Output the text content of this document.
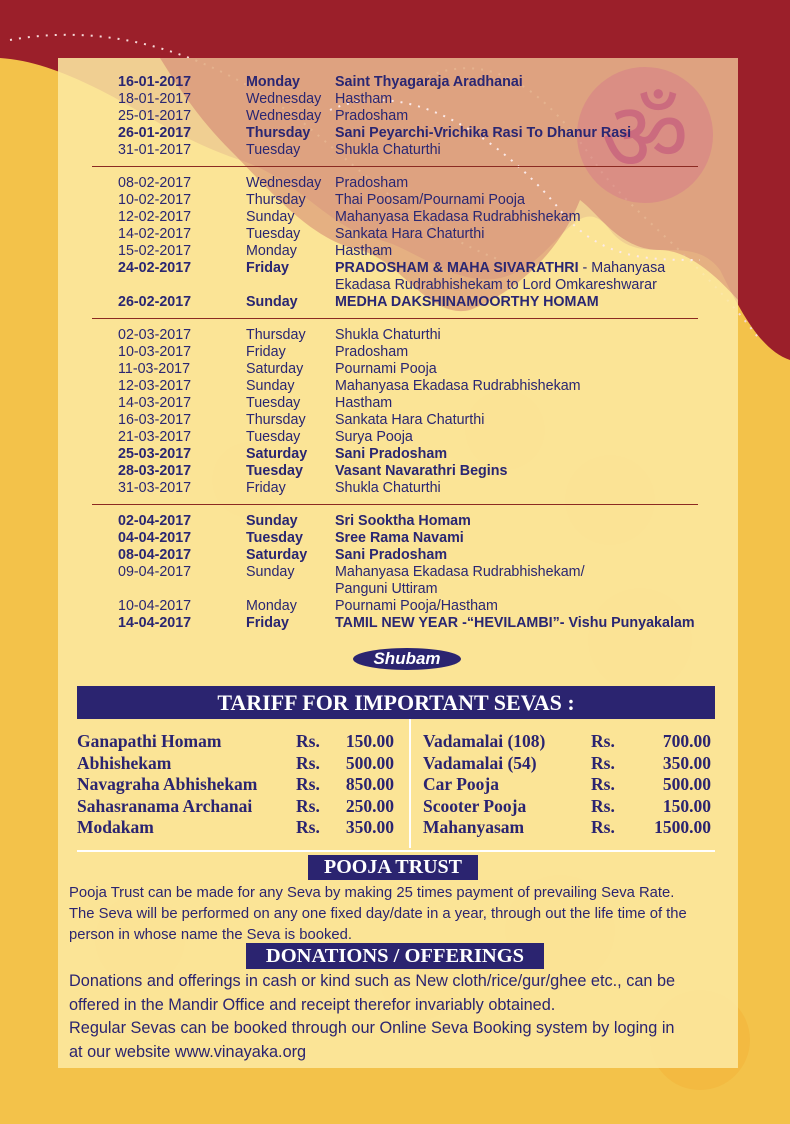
ॐ
16-01-2017	Monday	Saint Thyagaraja Aradhanai
18-01-2017	Wednesday Hastham
25-01-2017	Wednesday Pradosham
26-01-2017	Thursday	Sani Peyarchi-Vrichika Rasi To Dhanur Rasi
31-01-2017	Tuesday	Shukla Chaturthi
08-02-2017	Wednesday Pradosham
10-02-2017	Thursday	Thai Poosam/Pournami Pooja
12-02-2017	Sunday	Mahanyasa Ekadasa Rudrabhishekam
14-02-2017	Tuesday	Sankata Hara Chaturthi
15-02-2017	Monday	Hastham
24-02-2017	Friday	PRADOSHAM & MAHA SIVARATHRI - Mahanyasa
Ekadasa Rudrabhishekam to Lord Omkareshwarar
26-02-2017	Sunday	MEDHA DAKSHINAMOORTHY HOMAM
02-03-2017	Thursday	Shukla Chaturthi
10-03-2017	Friday	Pradosham
11-03-2017	Saturday	Pournami Pooja
12-03-2017	Sunday	Mahanyasa Ekadasa Rudrabhishekam
14-03-2017	Tuesday	Hastham
16-03-2017	Thursday	Sankata Hara Chaturthi
21-03-2017	Tuesday	Surya Pooja
25-03-2017	Saturday	Sani Pradosham
28-03-2017	Tuesday	Vasant Navarathri Begins
31-03-2017	Friday	Shukla Chaturthi
02-04-2017	Sunday	Sri Sooktha Homam
04-04-2017	Tuesday	Sree Rama Navami
08-04-2017	Saturday	Sani Pradosham
09-04-2017	Sunday	Mahanyasa Ekadasa Rudrabhishekam/
Panguni Uttiram
10-04-2017	Monday	Pournami Pooja/Hastham
14-04-2017	Friday	TAMIL NEW YEAR -“HEVILAMBI”- Vishu Punyakalam
Shubam
TARIFF FOR IMPORTANT SEVAS :
Ganapathi Homam	Rs.	150.00
Abhishekam	Rs.	500.00
Navagraha Abhishekam	Rs.	850.00
Sahasranama Archanai	Rs.	250.00
Modakam	Rs.	350.00
Vadamalai (108)	Rs.	700.00
Vadamalai (54)	Rs.	350.00
Car Pooja	Rs.	500.00
Scooter Pooja	Rs.	150.00
Mahanyasam	Rs.	1500.00
POOJA TRUST
Pooja Trust can be made for any Seva by making 25 times payment of prevailing Seva Rate.
The Seva will be performed on any one fixed day/date in a year, through out the life time of the
person in whose name the Seva is booked.
DONATIONS / OFFERINGS
Donations and offerings in cash or kind such as New cloth/rice/gur/ghee etc., can be
offered in the Mandir Office and receipt therefor invariably obtained.
Regular Sevas can be booked through our Online Seva Booking system by loging in
at our website www.vinayaka.org
